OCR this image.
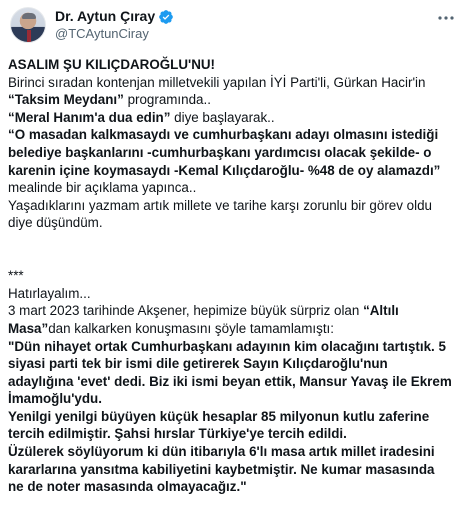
Dr. Aytun Çıray
@TCAytunCiray
ASALIM ŞU KILIÇDAROĞLU'NU!
Birinci sıradan kontenjan milletvekili yapılan İYİ Parti'li, Gürkan Hacir'in
“Taksim Meydanı” programında..
“Meral Hanım'a dua edin” diye başlayarak..
“O masadan kalkmasaydı ve cumhurbaşkanı adayı olmasını istediği
belediye başkanlarını -cumhurbaşkanı yardımcısı olacak şekilde- o
karenin içine koymasaydı -Kemal Kılıçdaroğlu- %48 de oy alamazdı”
mealinde bir açıklama yapınca..
Yaşadıklarını yazmam artık millete ve tarihe karşı zorunlu bir görev oldu
diye düşündüm.
***
Hatırlayalım...
3 mart 2023 tarihinde Akşener, hepimize büyük sürpriz olan “Altılı
Masa”dan kalkarken konuşmasını şöyle tamamlamıştı:
"Dün nihayet ortak Cumhurbaşkanı adayının kim olacağını tartıştık. 5
siyasi parti tek bir ismi dile getirerek Sayın Kılıçdaroğlu'nun
adaylığına 'evet' dedi. Biz iki ismi beyan ettik, Mansur Yavaş ile Ekrem
İmamoğlu'ydu.
Yenilgi yenilgi büyüyen küçük hesaplar 85 milyonun kutlu zaferine
tercih edilmiştir. Şahsi hırslar Türkiye'ye tercih edildi.
Üzülerek söylüyorum ki dün itibarıyla 6'lı masa artık millet iradesini
kararlarına yansıtma kabiliyetini kaybetmiştir. Ne kumar masasında
ne de noter masasında olmayacağız."
